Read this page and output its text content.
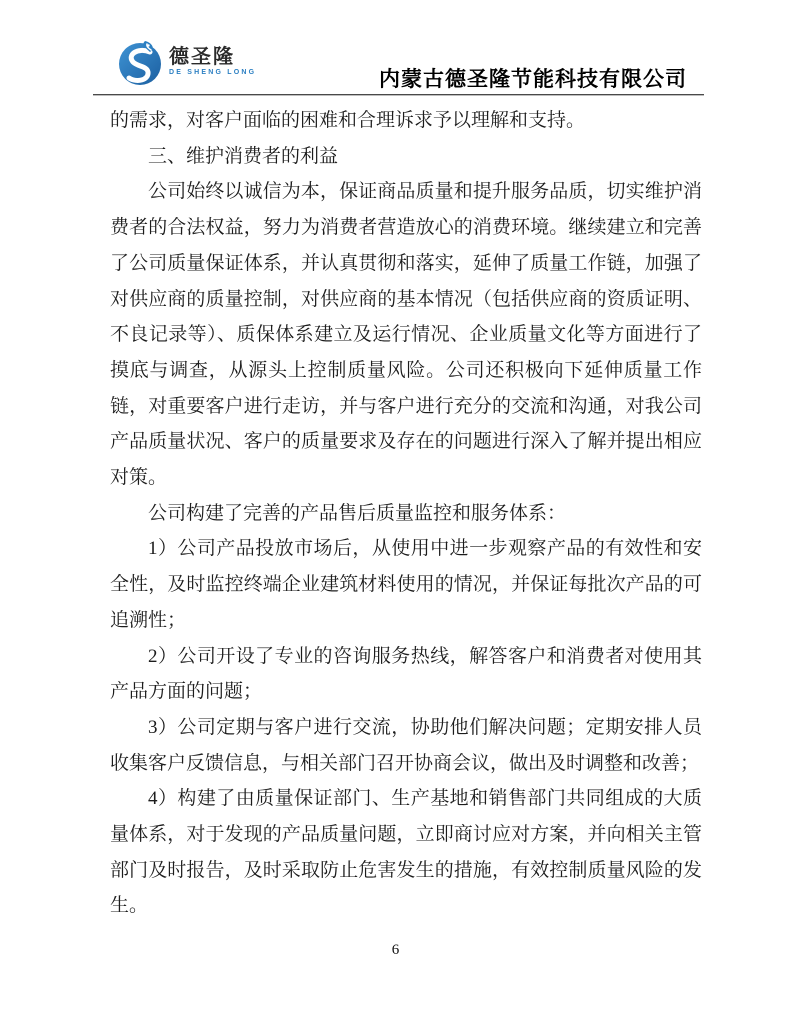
德圣隆
DE SHENG LONG	内蒙古德圣隆节能科技有限公司
的需求，对客户面临的困难和合理诉求予以理解和支持。
三、维护消费者的利益
公司始终以诚信为本，保证商品质量和提升服务品质，切实维护消费者的合法权益，努力为消费者营造放心的消费环境。继续建立和完善了公司质量保证体系，并认真贯彻和落实，延伸了质量工作链，加强了对供应商的质量控制，对供应商的基本情况（包括供应商的资质证明、不良记录等）、质保体系建立及运行情况、企业质量文化等方面进行了摸底与调查，从源头上控制质量风险。公司还积极向下延伸质量工作链，对重要客户进行走访，并与客户进行充分的交流和沟通，对我公司产品质量状况、客户的质量要求及存在的问题进行深入了解并提出相应对策。
公司构建了完善的产品售后质量监控和服务体系：
1）公司产品投放市场后，从使用中进一步观察产品的有效性和安全性，及时监控终端企业建筑材料使用的情况，并保证每批次产品的可追溯性；
2）公司开设了专业的咨询服务热线，解答客户和消费者对使用其产品方面的问题；
3）公司定期与客户进行交流，协助他们解决问题；定期安排人员收集客户反馈信息，与相关部门召开协商会议，做出及时调整和改善；
4）构建了由质量保证部门、生产基地和销售部门共同组成的大质量体系，对于发现的产品质量问题，立即商讨应对方案，并向相关主管部门及时报告，及时采取防止危害发生的措施，有效控制质量风险的发生。
6
